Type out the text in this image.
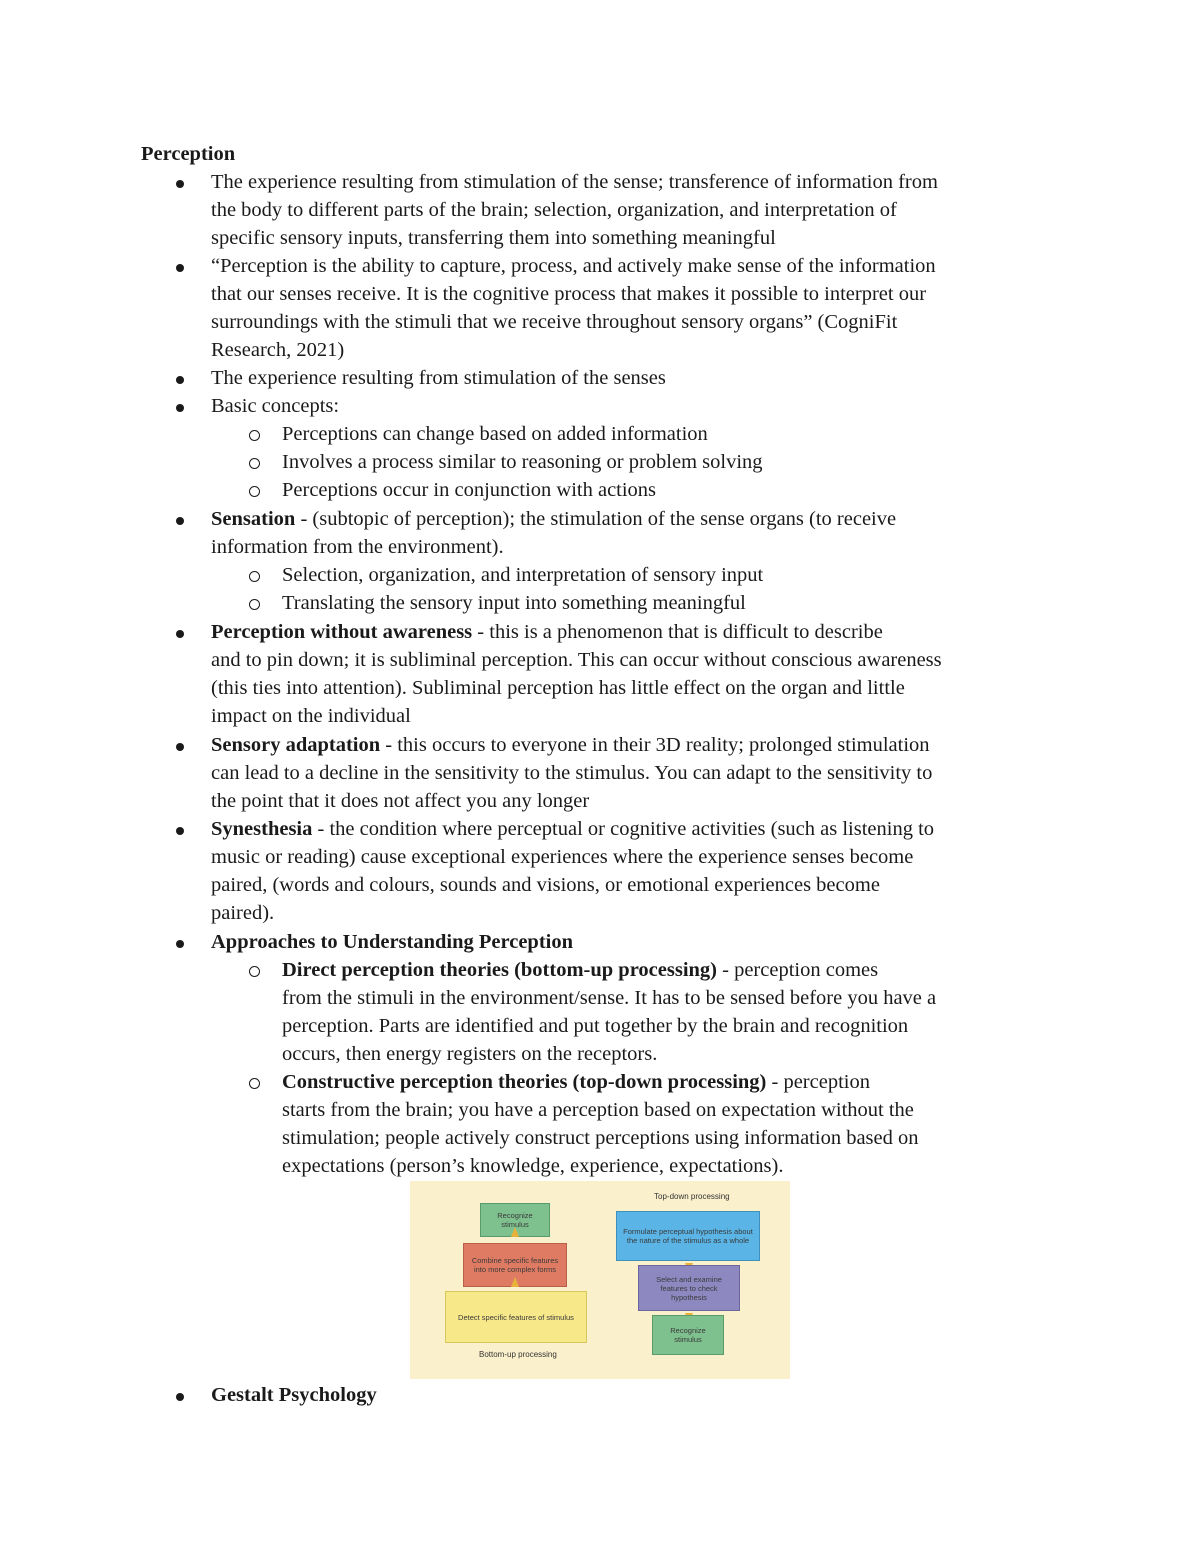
Perception
The experience resulting from stimulation of the sense; transference of information from
the body to different parts of the brain; selection, organization, and interpretation of
specific sensory inputs, transferring them into something meaningful
“Perception is the ability to capture, process, and actively make sense of the information
that our senses receive. It is the cognitive process that makes it possible to interpret our
surroundings with the stimuli that we receive throughout sensory organs” (CogniFit
Research, 2021)
The experience resulting from stimulation of the senses
Basic concepts:
Perceptions can change based on added information
Involves a process similar to reasoning or problem solving
Perceptions occur in conjunction with actions
Sensation - (subtopic of perception); the stimulation of the sense organs (to receive
information from the environment).
Selection, organization, and interpretation of sensory input
Translating the sensory input into something meaningful
Perception without awareness - this is a phenomenon that is difficult to describe
and to pin down; it is subliminal perception. This can occur without conscious awareness
(this ties into attention). Subliminal perception has little effect on the organ and little
impact on the individual
Sensory adaptation - this occurs to everyone in their 3D reality; prolonged stimulation
can lead to a decline in the sensitivity to the stimulus. You can adapt to the sensitivity to
the point that it does not affect you any longer
Synesthesia - the condition where perceptual or cognitive activities (such as listening to
music or reading) cause exceptional experiences where the experience senses become
paired, (words and colours, sounds and visions, or emotional experiences become
paired).
Approaches to Understanding Perception
Direct perception theories (bottom-up processing) - perception comes
from the stimuli in the environment/sense. It has to be sensed before you have a
perception. Parts are identified and put together by the brain and recognition
occurs, then energy registers on the receptors.
Constructive perception theories (top-down processing) - perception
starts from the brain; you have a perception based on expectation without the
stimulation; people actively construct perceptions using information based on
expectations (person’s knowledge, experience, expectations).
Recognize stimulus
Combine specific features into more complex forms
Detect specific features of stimulus
Bottom-up processing
Top-down processing
Formulate perceptual hypothesis about the nature of the stimulus as a whole
Select and examine features to check hypothesis
Recognize stimulus
Gestalt Psychology
